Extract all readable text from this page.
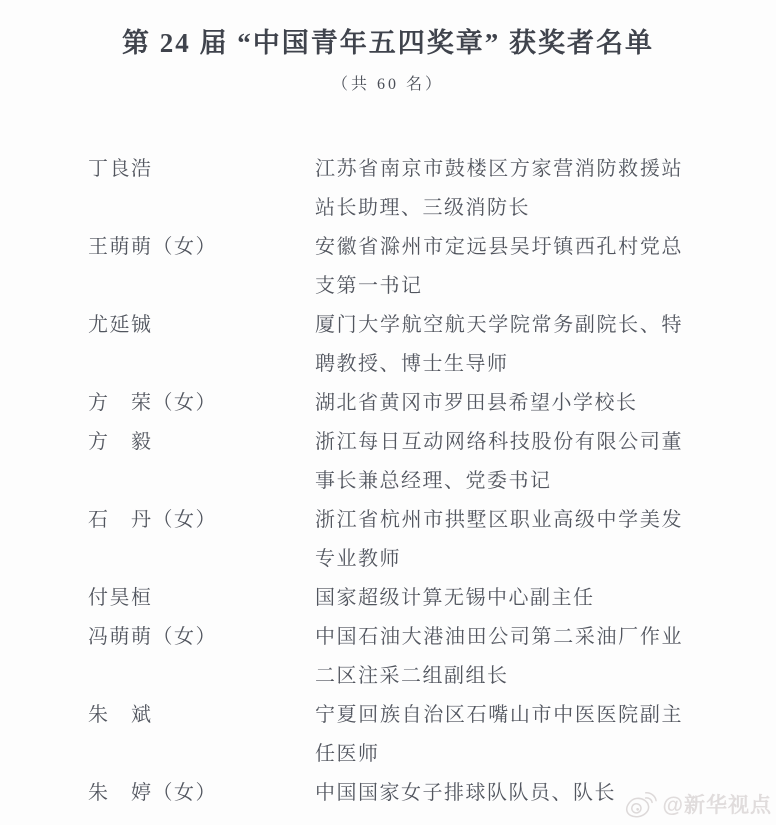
第 24 届 “中国青年五四奖章” 获奖者名单
（共 60 名）
丁良浩	江苏省南京市鼓楼区方家营消防救援站站长助理、三级消防长
王萌萌（女）	安徽省滁州市定远县吴圩镇西孔村党总支第一书记
尤延铖	厦门大学航空航天学院常务副院长、特聘教授、博士生导师
方　荣（女）	湖北省黄冈市罗田县希望小学校长
方　毅	浙江每日互动网络科技股份有限公司董事长兼总经理、党委书记
石　丹（女）	浙江省杭州市拱墅区职业高级中学美发专业教师
付昊桓	国家超级计算无锡中心副主任
冯萌萌（女）	中国石油大港油田公司第二采油厂作业二区注采二组副组长
朱　斌	宁夏回族自治区石嘴山市中医医院副主任医师
朱　婷（女）	中国国家女子排球队队员、队长
@新华视点
